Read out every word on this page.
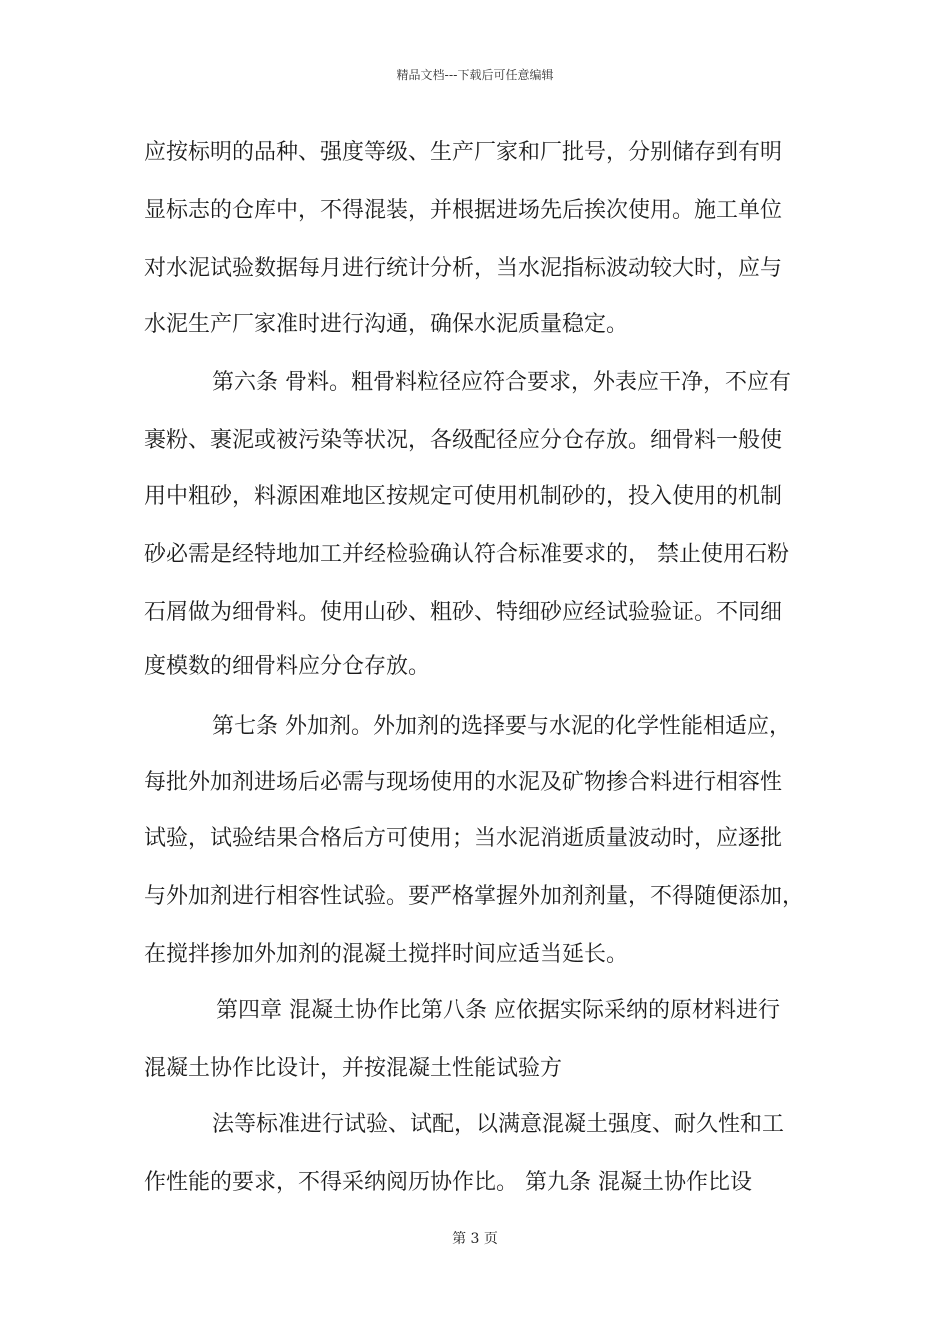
精品文档---下载后可任意编辑
应按标明的品种、强度等级、生产厂家和厂批号，分别储存到有明
显标志的仓库中，不得混装，并根据进场先后挨次使用。施工单位
对水泥试验数据每月进行统计分析，当水泥指标波动较大时，应与
水泥生产厂家准时进行沟通，确保水泥质量稳定。
第六条 骨料。粗骨料粒径应符合要求，外表应干净，不应有
裹粉、裹泥或被污染等状况，各级配径应分仓存放。细骨料一般使
用中粗砂，料源困难地区按规定可使用机制砂的，投入使用的机制
砂必需是经特地加工并经检验确认符合标准要求的， 禁止使用石粉
石屑做为细骨料。使用山砂、粗砂、特细砂应经试验验证。不同细
度模数的细骨料应分仓存放。
第七条 外加剂。外加剂的选择要与水泥的化学性能相适应，
每批外加剂进场后必需与现场使用的水泥及矿物掺合料进行相容性
试验，试验结果合格后方可使用；当水泥消逝质量波动时，应逐批
与外加剂进行相容性试验。要严格掌握外加剂剂量，不得随便添加，
在搅拌掺加外加剂的混凝土搅拌时间应适当延长。
第四章 混凝土协作比第八条 应依据实际采纳的原材料进行
混凝土协作比设计，并按混凝土性能试验方
法等标准进行试验、试配，以满意混凝土强度、耐久性和工
作性能的要求，不得采纳阅历协作比。 第九条 混凝土协作比设
第 3 页
